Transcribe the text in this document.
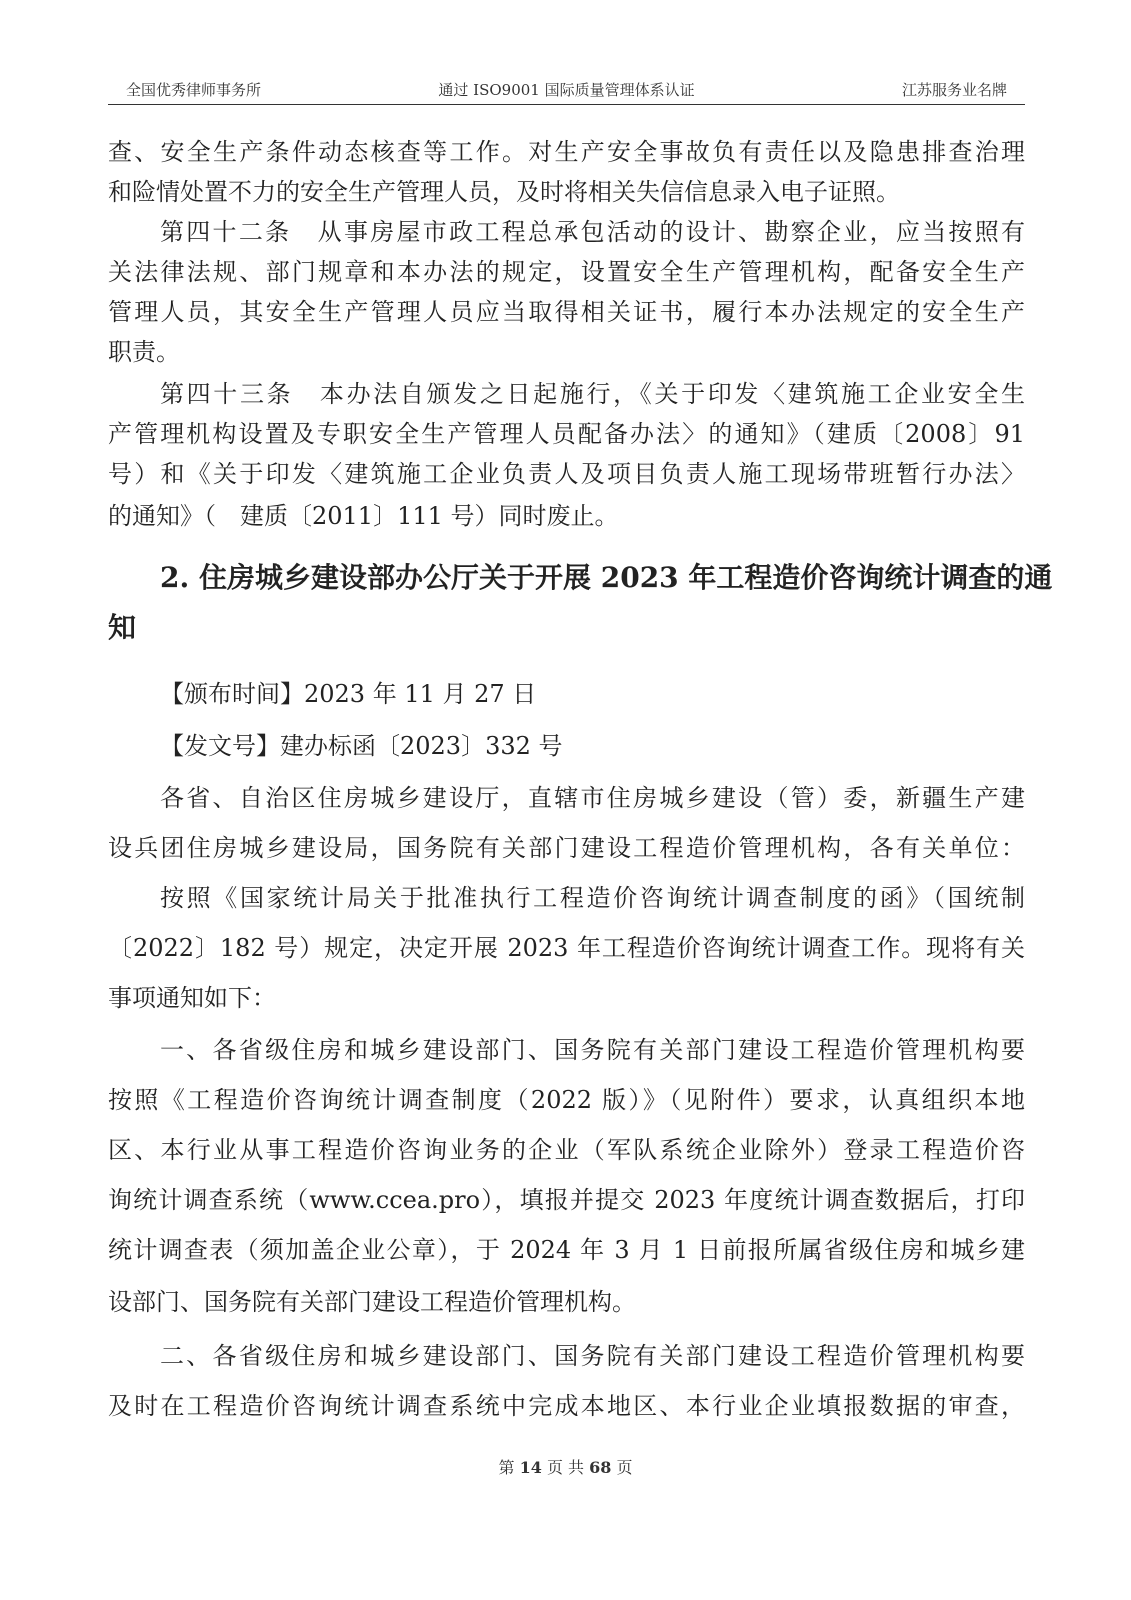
全国优秀律师事务所	通过 ISO9001 国际质量管理体系认证	江苏服务业名牌
查、安全生产条件动态核查等工作。对生产安全事故负有责任以及隐患排查治理
和险情处置不力的安全生产管理人员，及时将相关失信信息录入电子证照。
第四十二条　从事房屋市政工程总承包活动的设计、勘察企业，应当按照有
关法律法规、部门规章和本办法的规定，设置安全生产管理机构，配备安全生产
管理人员，其安全生产管理人员应当取得相关证书，履行本办法规定的安全生产
职责。
第四十三条　本办法自颁发之日起施行，《关于印发〈建筑施工企业安全生
产管理机构设置及专职安全生产管理人员配备办法〉的通知》（建质〔2008〕91
号）和《关于印发〈建筑施工企业负责人及项目负责人施工现场带班暂行办法〉
的通知》（　建质〔2011〕111 号）同时废止。
2. 住房城乡建设部办公厅关于开展 2023 年工程造价咨询统计调查的通
知
【颁布时间】2023 年 11 月 27 日
【发文号】建办标函〔2023〕332 号
各省、自治区住房城乡建设厅，直辖市住房城乡建设（管）委，新疆生产建
设兵团住房城乡建设局，国务院有关部门建设工程造价管理机构，各有关单位：
按照《国家统计局关于批准执行工程造价咨询统计调查制度的函》（国统制
〔2022〕182 号）规定，决定开展 2023 年工程造价咨询统计调查工作。现将有关
事项通知如下：
一、各省级住房和城乡建设部门、国务院有关部门建设工程造价管理机构要
按照《工程造价咨询统计调查制度（2022 版）》（见附件）要求，认真组织本地
区、本行业从事工程造价咨询业务的企业（军队系统企业除外）登录工程造价咨
询统计调查系统（www.ccea.pro），填报并提交 2023 年度统计调查数据后，打印
统计调查表（须加盖企业公章），于 2024 年 3 月 1 日前报所属省级住房和城乡建
设部门、国务院有关部门建设工程造价管理机构。
二、各省级住房和城乡建设部门、国务院有关部门建设工程造价管理机构要
及时在工程造价咨询统计调查系统中完成本地区、本行业企业填报数据的审查，
第 14 页 共 68 页
